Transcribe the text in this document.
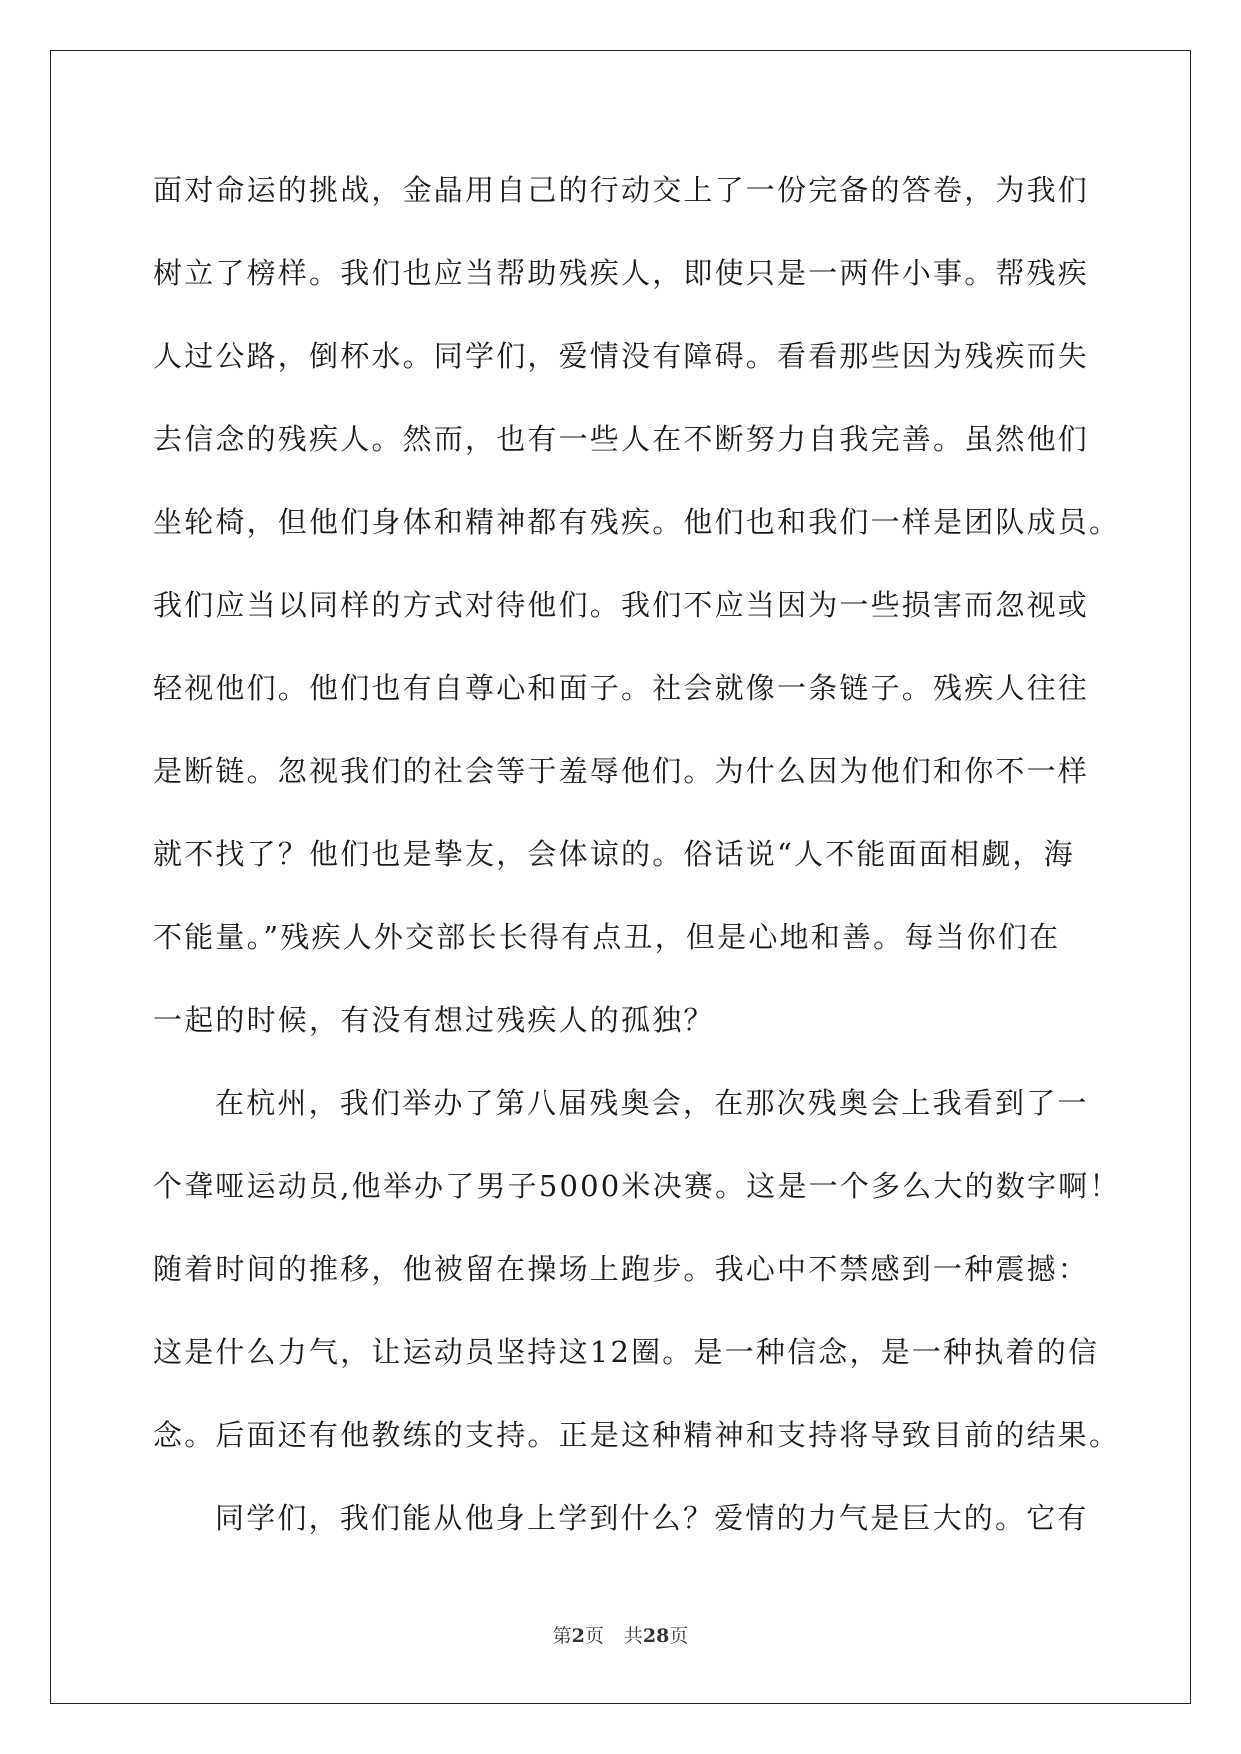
面对命运的挑战，金晶用自己的行动交上了一份完备的答卷，为我们
树立了榜样。我们也应当帮助残疾人，即使只是一两件小事。帮残疾
人过公路，倒杯水。同学们，爱情没有障碍。看看那些因为残疾而失
去信念的残疾人。然而，也有一些人在不断努力自我完善。虽然他们
坐轮椅，但他们身体和精神都有残疾。他们也和我们一样是团队成员。
我们应当以同样的方式对待他们。我们不应当因为一些损害而忽视或
轻视他们。他们也有自尊心和面子。社会就像一条链子。残疾人往往
是断链。忽视我们的社会等于羞辱他们。为什么因为他们和你不一样
就不找了？他们也是挚友，会体谅的。俗话说“人不能面面相觑，海
不能量。”残疾人外交部长长得有点丑，但是心地和善。每当你们在
一起的时候，有没有想过残疾人的孤独？
在杭州，我们举办了第八届残奥会，在那次残奥会上我看到了一
个聋哑运动员,他举办了男子5000米决赛。这是一个多么大的数字啊！
随着时间的推移，他被留在操场上跑步。我心中不禁感到一种震撼：
这是什么力气，让运动员坚持这12圈。是一种信念，是一种执着的信
念。后面还有他教练的支持。正是这种精神和支持将导致目前的结果。
同学们，我们能从他身上学到什么？爱情的力气是巨大的。它有
第2页 共28页
